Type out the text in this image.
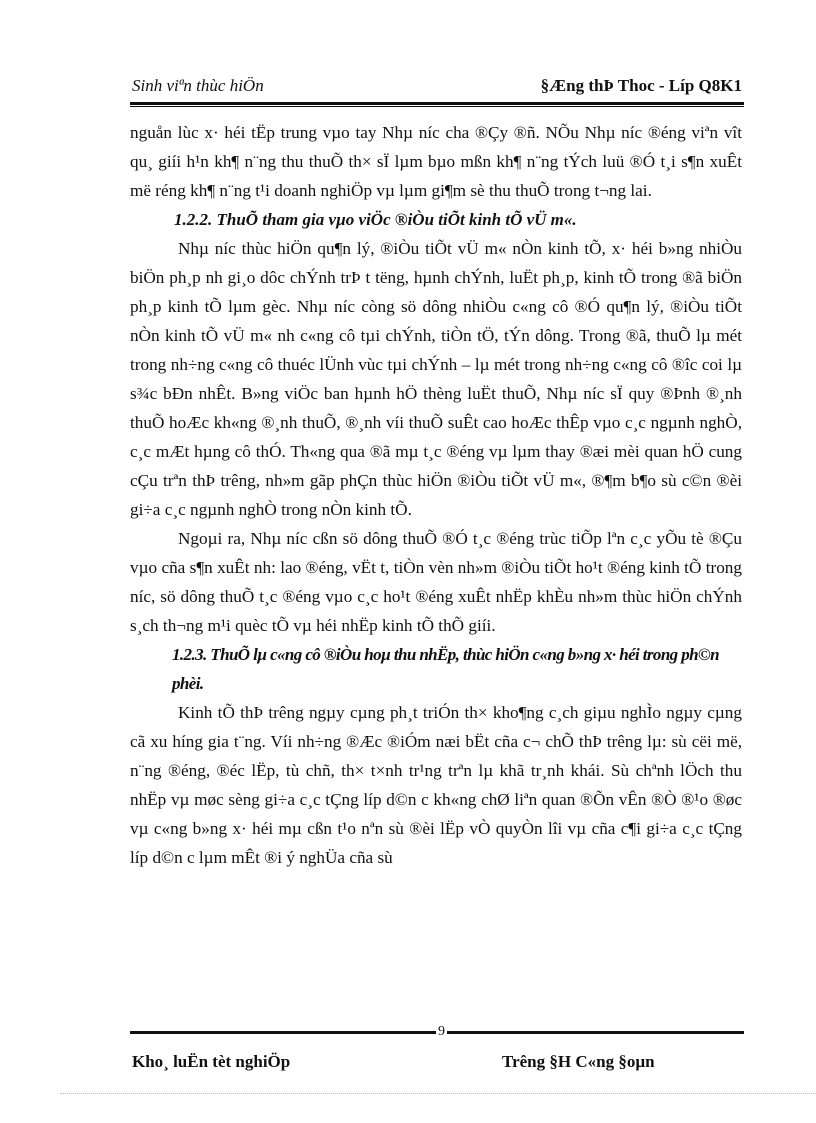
Sinh viªn thùc hiÖn	§Æng thÞ Thoc - Líp Q8K1

nguån lùc x· héi tËp trung vµo tay Nhµ níc cha ®Çy ®ñ. NÕu Nhµ níc ®éng viªn vît qu¸ giíi h¹n kh¶ n¨ng thu thuÕ th× sÏ lµm bµo mßn kh¶ n¨ng tÝch luü ®Ó t¸i s¶n xuÊt më réng kh¶ n¨ng t¹i doanh nghiÖp vµ lµm gi¶m sè thu thuÕ trong t¬ng lai.

1.2.2. ThuÕ tham gia vµo viÖc ®iÒu tiÕt kinh tÕ vÜ m«.

Nhµ níc thùc hiÖn qu¶n lý, ®iÒu tiÕt vÜ m« nÒn kinh tÕ, x· héi b»ng nhiÒu biÖn ph¸p nh gi¸o dôc chÝnh trÞ t tëng, hµnh chÝnh, luËt ph¸p, kinh tÕ trong ®ã biÖn ph¸p kinh tÕ lµm gèc. Nhµ níc còng sö dông nhiÒu c«ng cô ®Ó qu¶n lý, ®iÒu tiÕt nÒn kinh tÕ vÜ m« nh c«ng cô tµi chÝnh, tiÒn tÖ, tÝn dông. Trong ®ã, thuÕ lµ mét trong nh÷ng c«ng cô thuéc lÜnh vùc tµi chÝnh – lµ mét trong nh÷ng c«ng cô ®îc coi lµ s¾c bÐn nhÊt. B»ng viÖc ban hµnh hÖ thèng luËt thuÕ, Nhµ níc sÏ quy ®Þnh ®¸nh thuÕ hoÆc kh«ng ®¸nh thuÕ, ®¸nh víi thuÕ suÊt cao hoÆc thÊp vµo c¸c ngµnh nghÒ, c¸c mÆt hµng cô thÓ. Th«ng qua ®ã mµ t¸c ®éng vµ lµm thay ®æi mèi quan hÖ cung cÇu trªn thÞ trêng, nh»m gãp phÇn thùc hiÖn ®iÒu tiÕt vÜ m«, ®¶m b¶o sù c©n ®èi gi÷a c¸c ngµnh nghÒ trong nÒn kinh tÕ.

Ngoµi ra, Nhµ níc cßn sö dông thuÕ ®Ó t¸c ®éng trùc tiÕp lªn c¸c yÕu tè ®Çu vµo cña s¶n xuÊt nh: lao ®éng, vËt t, tiÒn vèn nh»m ®iÒu tiÕt ho¹t ®éng kinh tÕ trong níc, sö dông thuÕ t¸c ®éng vµo c¸c ho¹t ®éng xuÊt nhËp khÈu nh»m thùc hiÖn chÝnh s¸ch th¬ng m¹i quèc tÕ vµ héi nhËp kinh tÕ thÕ giíi.

1.2.3. ThuÕ lµ c«ng cô ®iÒu hoµ thu nhËp, thùc hiÖn c«ng b»ng x· héi trong ph©n phèi.

Kinh tÕ thÞ trêng ngµy cµng ph¸t triÓn th× kho¶ng c¸ch giµu nghÌo ngµy cµng cã xu híng gia t¨ng. Víi nh÷ng ®Æc ®iÓm næi bËt cña c¬ chÕ thÞ trêng lµ: sù cëi më, n¨ng ®éng, ®éc lËp, tù chñ, th× t×nh tr¹ng trªn lµ khã tr¸nh khái. Sù chªnh lÖch thu nhËp vµ møc sèng gi÷a c¸c tÇng líp d©n c kh«ng chØ liªn quan ®Õn vÊn ®Ò ®¹o ®øc vµ c«ng b»ng x· héi mµ cßn t¹o nªn sù ®èi lËp vÒ quyÒn lîi vµ cña c¶i gi÷a c¸c tÇng líp d©n c lµm mÊt ®i ý nghÜa cña sù

9
Kho¸ luËn tèt nghiÖp	Trêng §H C«ng §oµn
